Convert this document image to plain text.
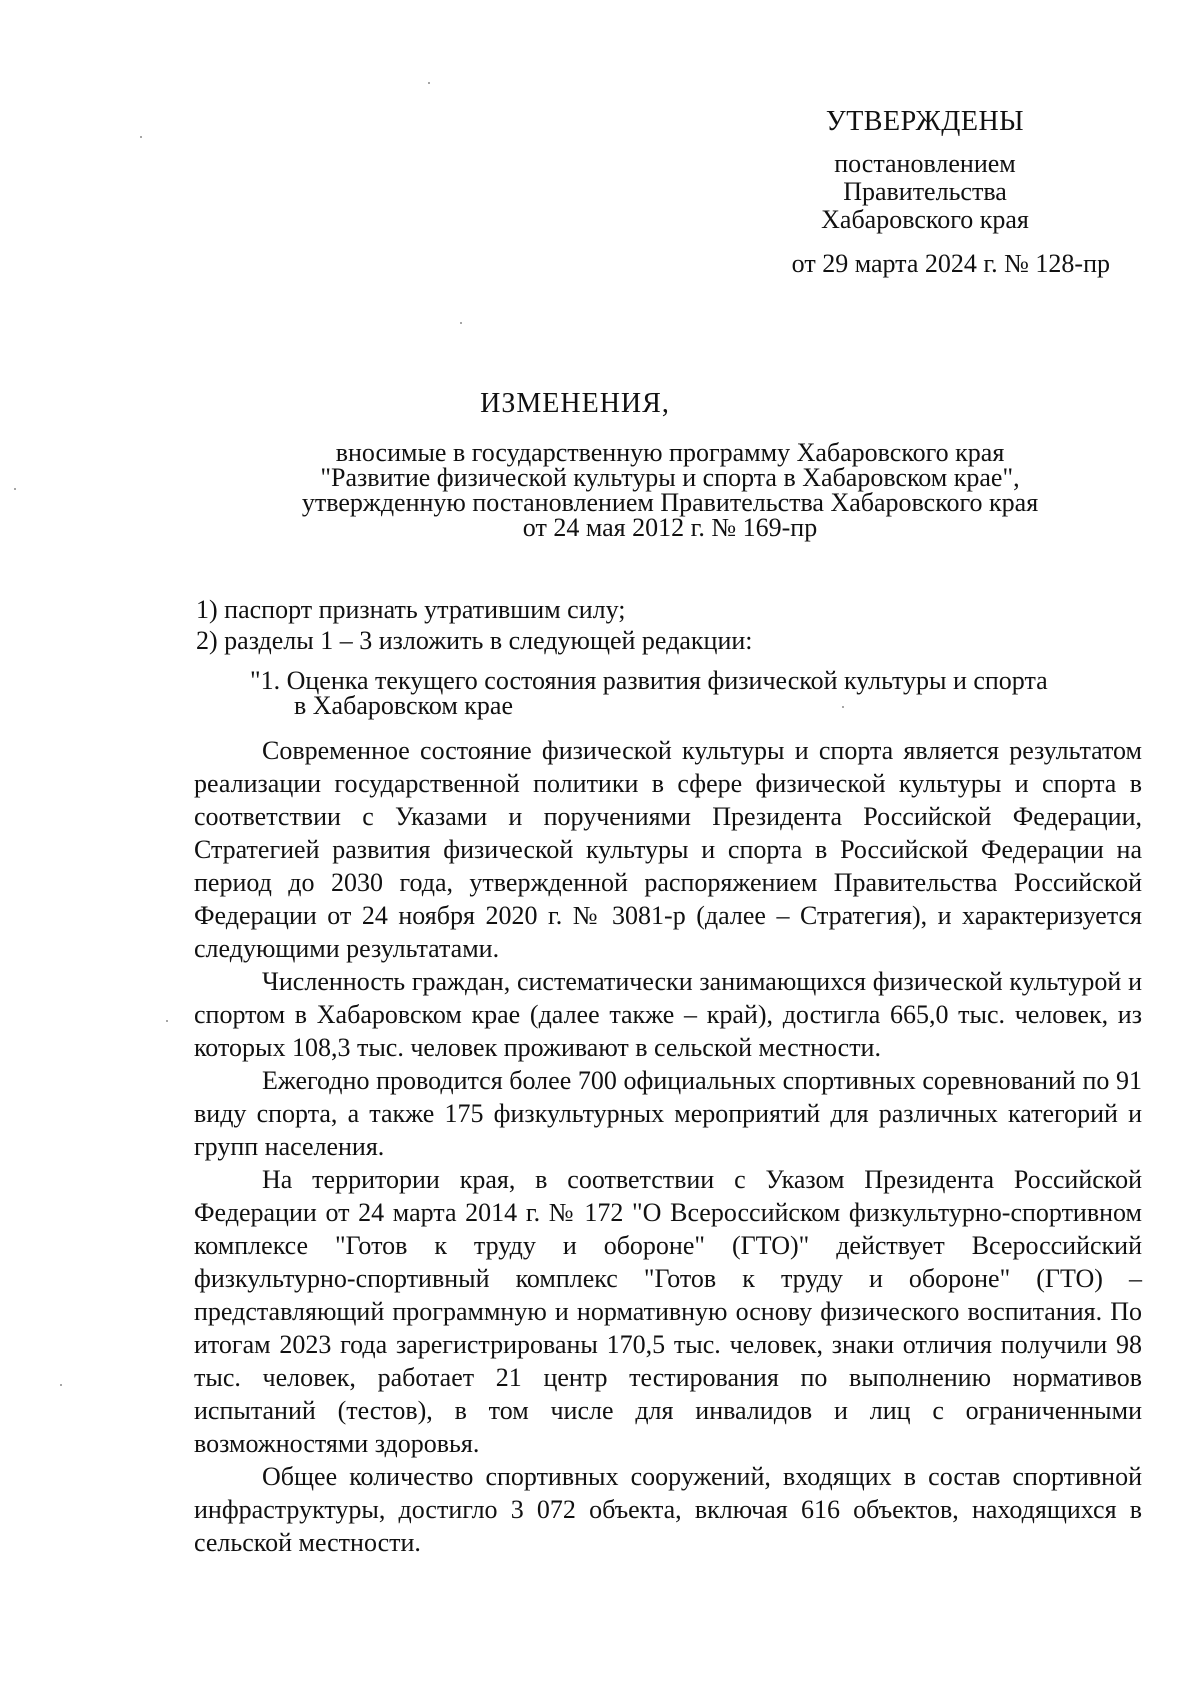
УТВЕРЖДЕНЫ
постановлением
Правительства
Хабаровского края
от 29 марта 2024 г. № 128-пр
ИЗМЕНЕНИЯ,
вносимые в государственную программу Хабаровского края
"Развитие физической культуры и спорта в Хабаровском крае",
утвержденную постановлением Правительства Хабаровского края
от 24 мая 2012 г. № 169-пр
1) паспорт признать утратившим силу;
2) разделы 1 – 3 изложить в следующей редакции:
"1. Оценка текущего состояния развития физической культуры и спорта
в Хабаровском крае

Современное состояние физической культуры и спорта является результатом реализации государственной политики в сфере физической культуры и спорта в соответствии с Указами и поручениями Президента Российской Федерации, Стратегией развития физической культуры и спорта в Российской Федерации на период до 2030 года, утвержденной распоряжением Правительства Российской Федерации от 24 ноября 2020 г. № 3081-р (далее – Стратегия), и характеризуется следующими результатами.

Численность граждан, систематически занимающихся физической культурой и спортом в Хабаровском крае (далее также – край), достигла 665,0 тыс. человек, из которых 108,3 тыс. человек проживают в сельской местности.

Ежегодно проводится более 700 официальных спортивных соревнований по 91 виду спорта, а также 175 физкультурных мероприятий для различных категорий и групп населения.

На территории края, в соответствии с Указом Президента Российской Федерации от 24 марта 2014 г. № 172 "О Всероссийском физкультурно-спортивном комплексе "Готов к труду и обороне" (ГТО)" действует Всероссийский физкультурно-спортивный комплекс "Готов к труду и обороне" (ГТО) – представляющий программную и нормативную основу физического воспитания. По итогам 2023 года зарегистрированы 170,5 тыс. человек, знаки отличия получили 98 тыс. человек, работает 21 центр тестирования по выполнению нормативов испытаний (тестов), в том числе для инвалидов и лиц с ограниченными возможностями здоровья.

Общее количество спортивных сооружений, входящих в состав спортивной инфраструктуры, достигло 3 072 объекта, включая 616 объектов, находящихся в сельской местности.
